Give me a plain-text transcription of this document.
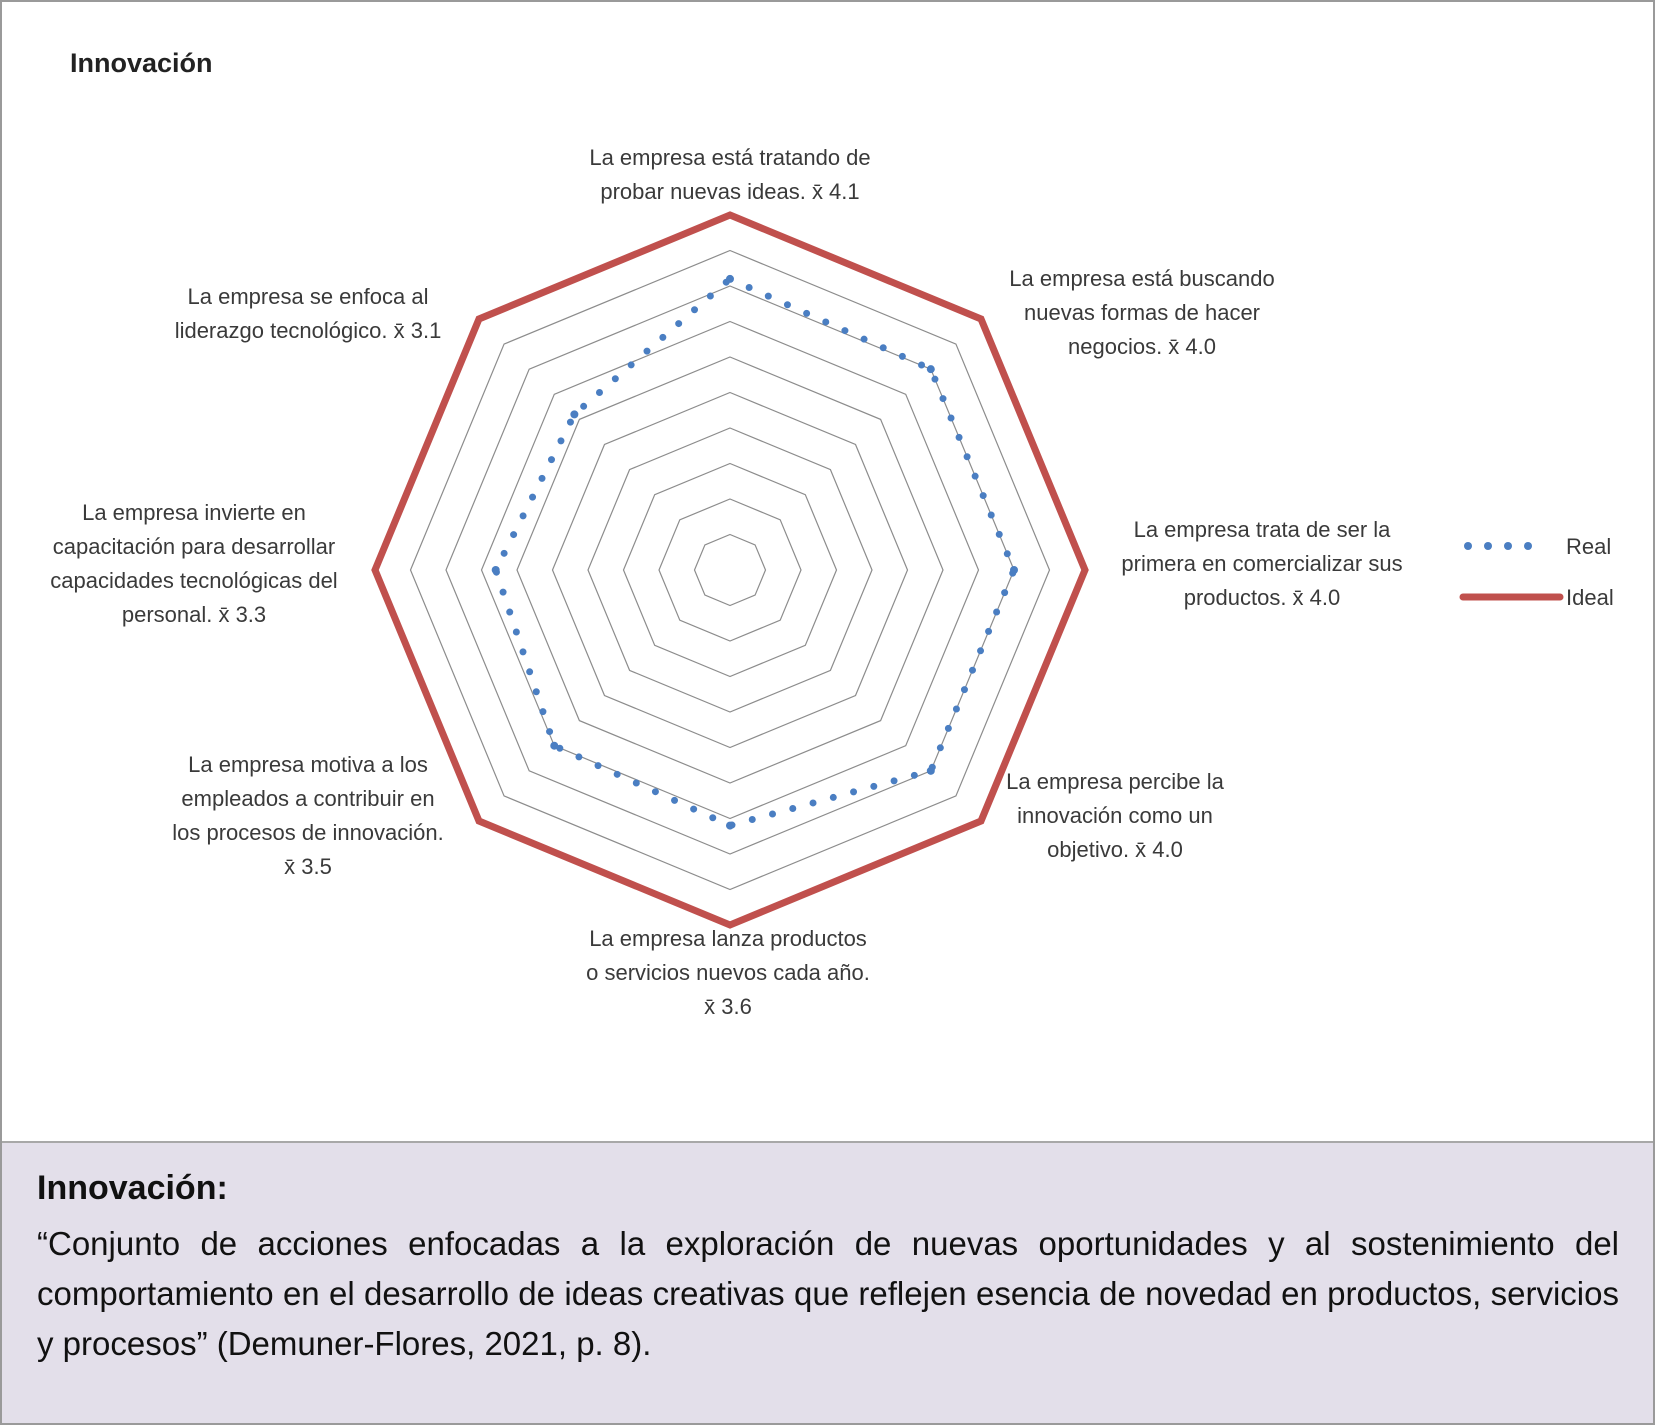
Innovación
La empresa está tratando de probar nuevas ideas. x̄ 4.1
La empresa está buscando nuevas formas de hacer negocios. x̄ 4.0
La empresa trata de ser la primera en comercializar sus productos. x̄ 4.0
La empresa percibe la innovación como un objetivo. x̄ 4.0
La empresa lanza productos o servicios nuevos cada año. x̄ 3.6
La empresa motiva a los empleados a contribuir en los procesos de innovación. x̄ 3.5
La empresa invierte en capacitación para desarrollar capacidades tecnológicas del personal. x̄ 3.3
La empresa se enfoca al liderazgo tecnológico. x̄ 3.1
Real
Ideal
Innovación:
“Conjunto de acciones enfocadas a la exploración de nuevas oportunidades y al sostenimiento del comportamiento en el desarrollo de ideas creativas que reflejen esencia de novedad en productos, servicios y procesos” (Demuner-Flores, 2021, p. 8).
